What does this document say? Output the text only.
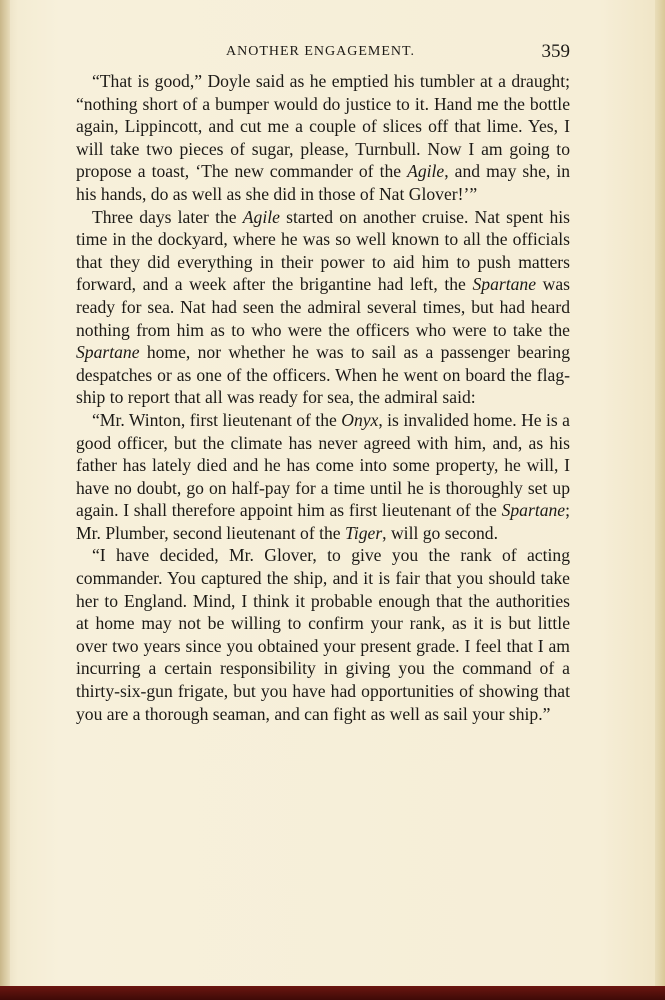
ANOTHER ENGAGEMENT.	359

“That is good,” Doyle said as he emptied his tumbler at a draught; “nothing short of a bumper would do justice to it. Hand me the bottle again, Lippincott, and cut me a couple of slices off that lime. Yes, I will take two pieces of sugar, please, Turnbull. Now I am going to propose a toast, ‘The new commander of the Agile, and may she, in his hands, do as well as she did in those of Nat Glover!’”

Three days later the Agile started on another cruise. Nat spent his time in the dockyard, where he was so well known to all the officials that they did everything in their power to aid him to push matters forward, and a week after the brigantine had left, the Spartane was ready for sea. Nat had seen the admiral several times, but had heard nothing from him as to who were the officers who were to take the Spartane home, nor whether he was to sail as a passenger bearing despatches or as one of the officers. When he went on board the flag-ship to report that all was ready for sea, the admiral said:

“Mr. Winton, first lieutenant of the Onyx, is invalided home. He is a good officer, but the climate has never agreed with him, and, as his father has lately died and he has come into some property, he will, I have no doubt, go on half-pay for a time until he is thoroughly set up again. I shall therefore appoint him as first lieutenant of the Spartane; Mr. Plumber, second lieutenant of the Tiger, will go second.

“I have decided, Mr. Glover, to give you the rank of acting commander. You captured the ship, and it is fair that you should take her to England. Mind, I think it probable enough that the authorities at home may not be willing to confirm your rank, as it is but little over two years since you obtained your present grade. I feel that I am incurring a certain responsibility in giving you the command of a thirty-six-gun frigate, but you have had opportunities of showing that you are a thorough seaman, and can fight as well as sail your ship.”
